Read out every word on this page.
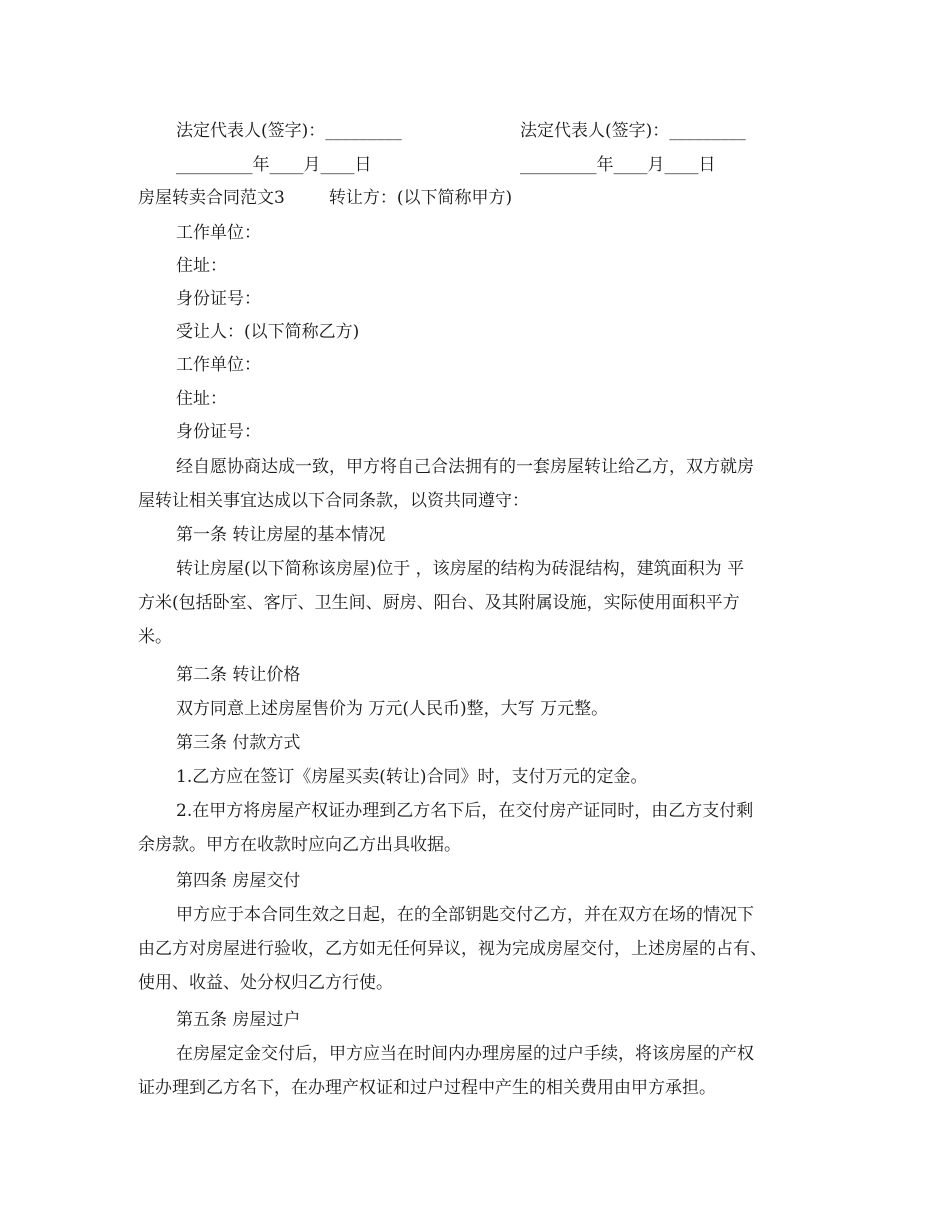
法定代表人(签字)：_________	法定代表人(签字)：_________
_________年____月____日	_________年____月____日
房屋转卖合同范文3	转让方：(以下简称甲方)
工作单位：
住址：
身份证号：
受让人：(以下简称乙方)
工作单位：
住址：
身份证号：
经自愿协商达成一致，甲方将自己合法拥有的一套房屋转让给乙方，双方就房
屋转让相关事宜达成以下合同条款，以资共同遵守：
第一条 转让房屋的基本情况
转让房屋(以下简称该房屋)位于 ，该房屋的结构为砖混结构，建筑面积为 平
方米(包括卧室、客厅、卫生间、厨房、阳台、及其附属设施，实际使用面积平方
米。
第二条 转让价格
双方同意上述房屋售价为 万元(人民币)整，大写 万元整。
第三条 付款方式
1.乙方应在签订《房屋买卖(转让)合同》时，支付万元的定金。
2.在甲方将房屋产权证办理到乙方名下后，在交付房产证同时，由乙方支付剩
余房款。甲方在收款时应向乙方出具收据。
第四条 房屋交付
甲方应于本合同生效之日起，在的全部钥匙交付乙方，并在双方在场的情况下
由乙方对房屋进行验收，乙方如无任何异议，视为完成房屋交付，上述房屋的占有、
使用、收益、处分权归乙方行使。
第五条 房屋过户
在房屋定金交付后，甲方应当在时间内办理房屋的过户手续，将该房屋的产权
证办理到乙方名下，在办理产权证和过户过程中产生的相关费用由甲方承担。
